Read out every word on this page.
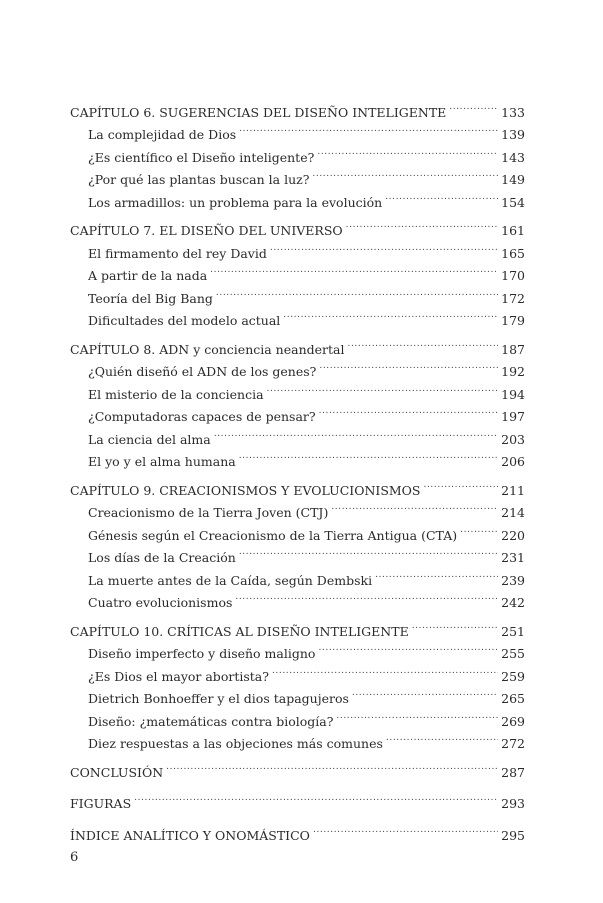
CAPÍTULO 6. SUGERENCIAS DEL DISEÑO INTELIGENTE .....	133
La complejidad de Dios .....	139
¿Es científico el Diseño inteligente? .....	143
¿Por qué las plantas buscan la luz? .....	149
Los armadillos: un problema para la evolución .....	154
CAPÍTULO 7. EL DISEÑO DEL UNIVERSO .....	161
El firmamento del rey David .....	165
A partir de la nada .....	170
Teoría del Big Bang .....	172
Dificultades del modelo actual .....	179
CAPÍTULO 8. ADN y conciencia neandertal .....	187
¿Quién diseñó el ADN de los genes? .....	192
El misterio de la conciencia .....	194
¿Computadoras capaces de pensar? .....	197
La ciencia del alma .....	203
El yo y el alma humana .....	206
CAPÍTULO 9. CREACIONISMOS Y EVOLUCIONISMOS .....	211
Creacionismo de la Tierra Joven (CTJ) .....	214
Génesis según el Creacionismo de la Tierra Antigua (CTA) .....	220
Los días de la Creación .....	231
La muerte antes de la Caída, según Dembski .....	239
Cuatro evolucionismos .....	242
CAPÍTULO 10. CRÍTICAS AL DISEÑO INTELIGENTE .....	251
Diseño imperfecto y diseño maligno .....	255
¿Es Dios el mayor abortista? .....	259
Dietrich Bonhoeffer y el dios tapagujeros .....	265
Diseño: ¿matemáticas contra biología? .....	269
Diez respuestas a las objeciones más comunes .....	272
CONCLUSIÓN .....	287
FIGURAS .....	293
ÍNDICE ANALÍTICO Y ONOMÁSTICO .....	295
6
